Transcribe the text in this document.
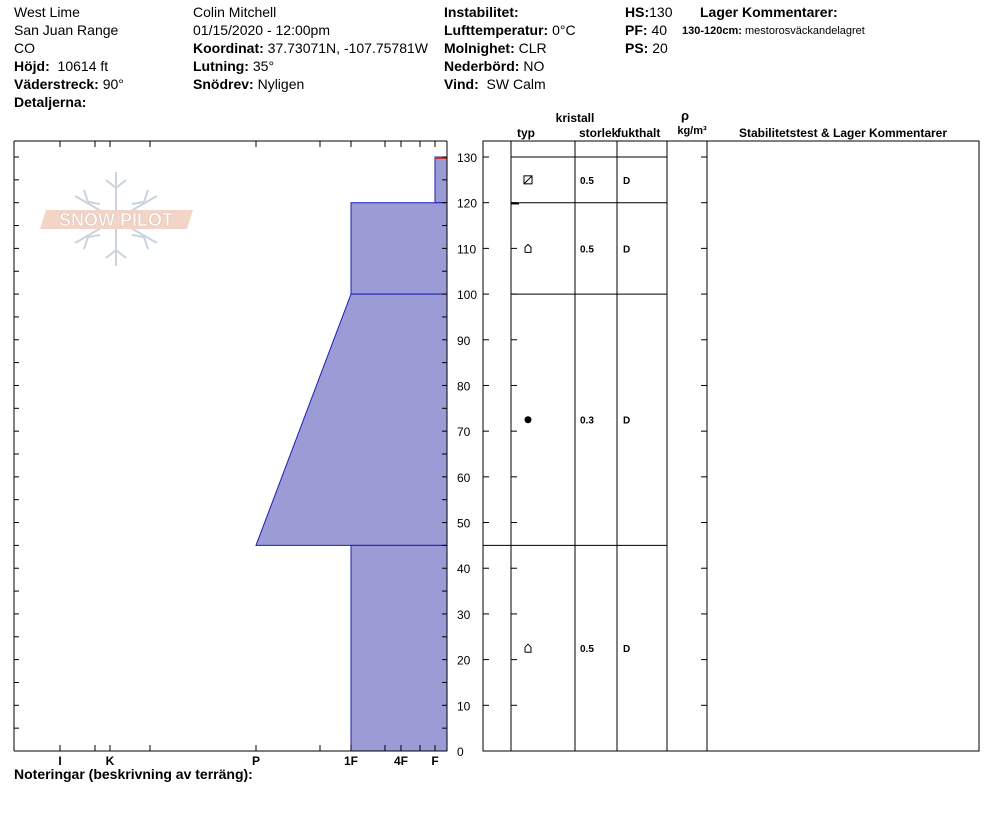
West Lime
San Juan Range
CO
Höjd: 10614 ft
Väderstreck: 90°
Detaljerna:
Colin Mitchell
01/15/2020 - 12:00pm
Koordinat: 37.73071N, -107.75781W
Lutning: 35°
Snödrev: Nyligen
Instabilitet:
Lufttemperatur: 0°C
Molnighet: CLR
Nederbörd: NO
Vind: SW Calm
HS:130
PF: 40
PS: 20
Lager Kommentarer:
130-120cm: mestorosväckandelagret
SNOW PILOT
0
10
20
30
40
50
60
70
80
90
100
110
120
130
I	K	P	1F	4F F
kristall
typ	storlek
fukthalt
ρ
kg/m³	Stabilitetstest & Lager Kommentarer
0.5	D
0.5	D
0.3	D
0.5	D
Noteringar (beskrivning av terräng):
